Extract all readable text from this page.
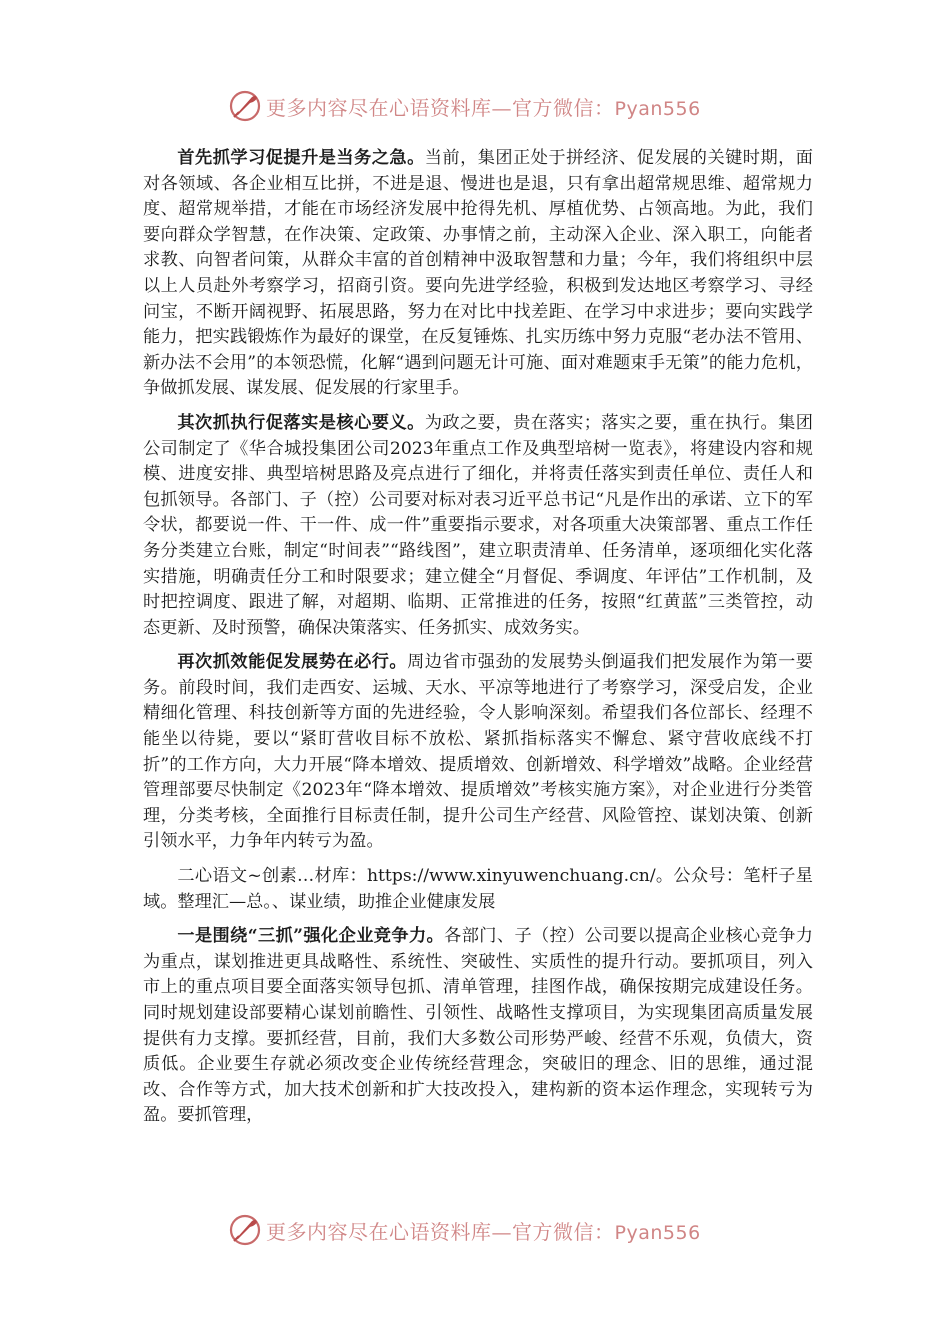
更多内容尽在心语资料库—官方微信：Pyan556

首先抓学习促提升是当务之急。当前，集团正处于拼经济、促发展的关键时期，面对各领域、各企业相互比拼，不进是退、慢进也是退，只有拿出超常规思维、超常规力度、超常规举措，才能在市场经济发展中抢得先机、厚植优势、占领高地。为此，我们要向群众学智慧，在作决策、定政策、办事情之前，主动深入企业、深入职工，向能者求教、向智者问策，从群众丰富的首创精神中汲取智慧和力量；今年，我们将组织中层以上人员赴外考察学习，招商引资。要向先进学经验，积极到发达地区考察学习、寻经问宝，不断开阔视野、拓展思路，努力在对比中找差距、在学习中求进步；要向实践学能力，把实践锻炼作为最好的课堂，在反复锤炼、扎实历练中努力克服“老办法不管用、新办法不会用”的本领恐慌，化解“遇到问题无计可施、面对难题束手无策”的能力危机，争做抓发展、谋发展、促发展的行家里手。

其次抓执行促落实是核心要义。为政之要，贵在落实；落实之要，重在执行。集团公司制定了《华合城投集团公司2023年重点工作及典型培树一览表》，将建设内容和规模、进度安排、典型培树思路及亮点进行了细化，并将责任落实到责任单位、责任人和包抓领导。各部门、子（控）公司要对标对表习近平总书记“凡是作出的承诺、立下的军令状，都要说一件、干一件、成一件”重要指示要求，对各项重大决策部署、重点工作任务分类建立台账，制定“时间表”“路线图”，建立职责清单、任务清单，逐项细化实化落实措施，明确责任分工和时限要求；建立健全“月督促、季调度、年评估”工作机制，及时把控调度、跟进了解，对超期、临期、正常推进的任务，按照“红黄蓝”三类管控，动态更新、及时预警，确保决策落实、任务抓实、成效务实。

再次抓效能促发展势在必行。周边省市强劲的发展势头倒逼我们把发展作为第一要务。前段时间，我们走西安、运城、天水、平凉等地进行了考察学习，深受启发，企业精细化管理、科技创新等方面的先进经验，令人影响深刻。希望我们各位部长、经理不能坐以待毙，要以“紧盯营收目标不放松、紧抓指标落实不懈怠、紧守营收底线不打折”的工作方向，大力开展“降本增效、提质增效、创新增效、科学增效”战略。企业经营管理部要尽快制定《2023年“降本增效、提质增效”考核实施方案》，对企业进行分类管理，分类考核，全面推行目标责任制，提升公司生产经营、风险管控、谋划决策、创新引领水平，力争年内转亏为盈。

二心语文~创素…材库：https://www.xinyuwenchuang.cn/。公众号：笔杆子星域。整理汇—总。、谋业绩，助推企业健康发展

一是围绕“三抓”强化企业竞争力。各部门、子（控）公司要以提高企业核心竞争力为重点，谋划推进更具战略性、系统性、突破性、实质性的提升行动。要抓项目，列入市上的重点项目要全面落实领导包抓、清单管理，挂图作战，确保按期完成建设任务。同时规划建设部要精心谋划前瞻性、引领性、战略性支撑项目，为实现集团高质量发展提供有力支撑。要抓经营，目前，我们大多数公司形势严峻、经营不乐观，负债大，资质低。企业要生存就必须改变企业传统经营理念，突破旧的理念、旧的思维，通过混改、合作等方式，加大技术创新和扩大技改投入，建构新的资本运作理念，实现转亏为盈。要抓管理，

更多内容尽在心语资料库—官方微信：Pyan556
